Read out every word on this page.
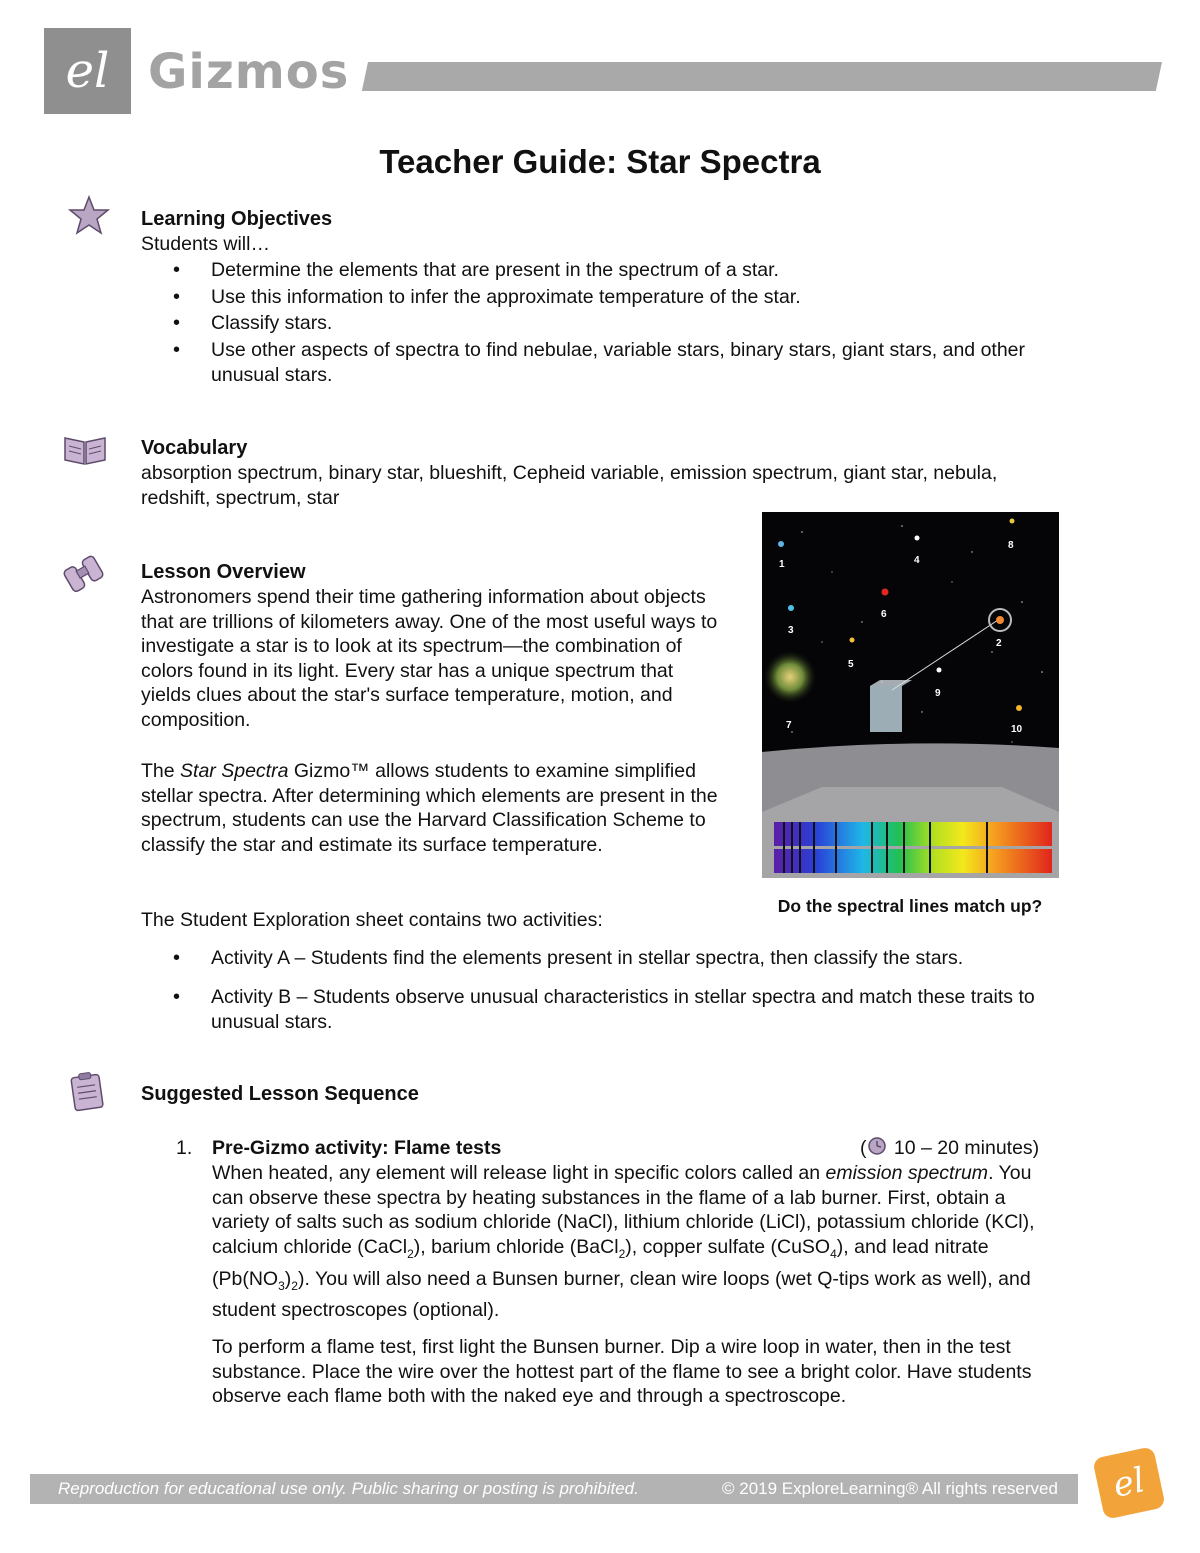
el Gizmos
Teacher Guide: Star Spectra
Learning Objectives
Students will…
• Determine the elements that are present in the spectrum of a star.
• Use this information to infer the approximate temperature of the star.
• Classify stars.
• Use other aspects of spectra to find nebulae, variable stars, binary stars, giant stars, and other unusual stars.
Vocabulary
absorption spectrum, binary star, blueshift, Cepheid variable, emission spectrum, giant star, nebula, redshift, spectrum, star
Lesson Overview
Astronomers spend their time gathering information about objects that are trillions of kilometers away. One of the most useful ways to investigate a star is to look at its spectrum—the combination of colors found in its light. Every star has a unique spectrum that yields clues about the star's surface temperature, motion, and composition.
The Star Spectra Gizmo™ allows students to examine simplified stellar spectra. After determining which elements are present in the spectrum, students can use the Harvard Classification Scheme to classify the star and estimate its surface temperature.
The Student Exploration sheet contains two activities:
• Activity A – Students find the elements present in stellar spectra, then classify the stars.
• Activity B – Students observe unusual characteristics in stellar spectra and match these traits to unusual stars.
1
2
3
4
5
6
7
8
9
10
Do the spectral lines match up?
Suggested Lesson Sequence
1. Pre-Gizmo activity: Flame tests	( 10 – 20 minutes)
When heated, any element will release light in specific colors called an emission spectrum. You can observe these spectra by heating substances in the flame of a lab burner. First, obtain a variety of salts such as sodium chloride (NaCl), lithium chloride (LiCl), potassium chloride (KCl), calcium chloride (CaCl$_2$), barium chloride (BaCl$_2$), copper sulfate (CuSO$_4$), and lead nitrate $(Pb(NO_3)_2)$. You will also need a Bunsen burner, clean wire loops (wet Q-tips work as well), and student spectroscopes (optional).
To perform a flame test, first light the Bunsen burner. Dip a wire loop in water, then in the test substance. Place the wire over the hottest part of the flame to see a bright color. Have students observe each flame both with the naked eye and through a spectroscope.
Reproduction for educational use only. Public sharing or posting is prohibited.	© 2019 ExploreLearning® All rights reserved	el
